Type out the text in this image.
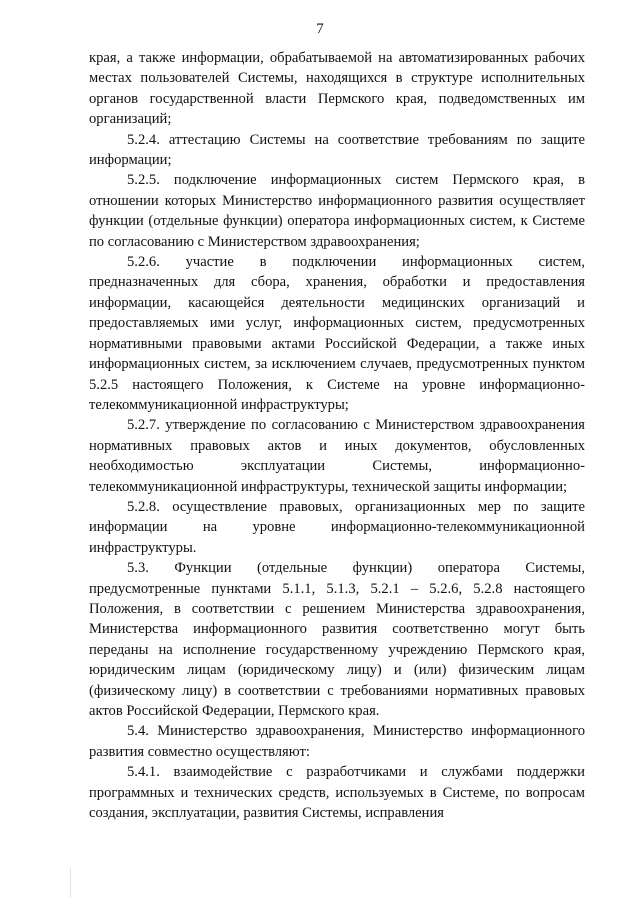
7

края, а также информации, обрабатываемой на автоматизированных рабочих местах пользователей Системы, находящихся в структуре исполнительных органов государственной власти Пермского края, подведомственных им организаций;

5.2.4. аттестацию Системы на соответствие требованиям по защите информации;

5.2.5. подключение информационных систем Пермского края, в отношении которых Министерство информационного развития осуществляет функции (отдельные функции) оператора информационных систем, к Системе по согласованию с Министерством здравоохранения;

5.2.6. участие в подключении информационных систем, предназначенных для сбора, хранения, обработки и предоставления информации, касающейся деятельности медицинских организаций и предоставляемых ими услуг, информационных систем, предусмотренных нормативными правовыми актами Российской Федерации, а также иных информационных систем, за исключением случаев, предусмотренных пунктом 5.2.5 настоящего Положения, к Системе на уровне информационно-телекоммуникационной инфраструктуры;

5.2.7. утверждение по согласованию с Министерством здравоохранения нормативных правовых актов и иных документов, обусловленных необходимостью эксплуатации Системы, информационно-телекоммуникационной инфраструктуры, технической защиты информации;

5.2.8. осуществление правовых, организационных мер по защите информации на уровне информационно-телекоммуникационной инфраструктуры.

5.3. Функции (отдельные функции) оператора Системы, предусмотренные пунктами 5.1.1, 5.1.3, 5.2.1 – 5.2.6, 5.2.8 настоящего Положения, в соответствии с решением Министерства здравоохранения, Министерства информационного развития соответственно могут быть переданы на исполнение государственному учреждению Пермского края, юридическим лицам (юридическому лицу) и (или) физическим лицам (физическому лицу) в соответствии с требованиями нормативных правовых актов Российской Федерации, Пермского края.

5.4. Министерство здравоохранения, Министерство информационного развития совместно осуществляют:

5.4.1. взаимодействие с разработчиками и службами поддержки программных и технических средств, используемых в Системе, по вопросам создания, эксплуатации, развития Системы, исправления
